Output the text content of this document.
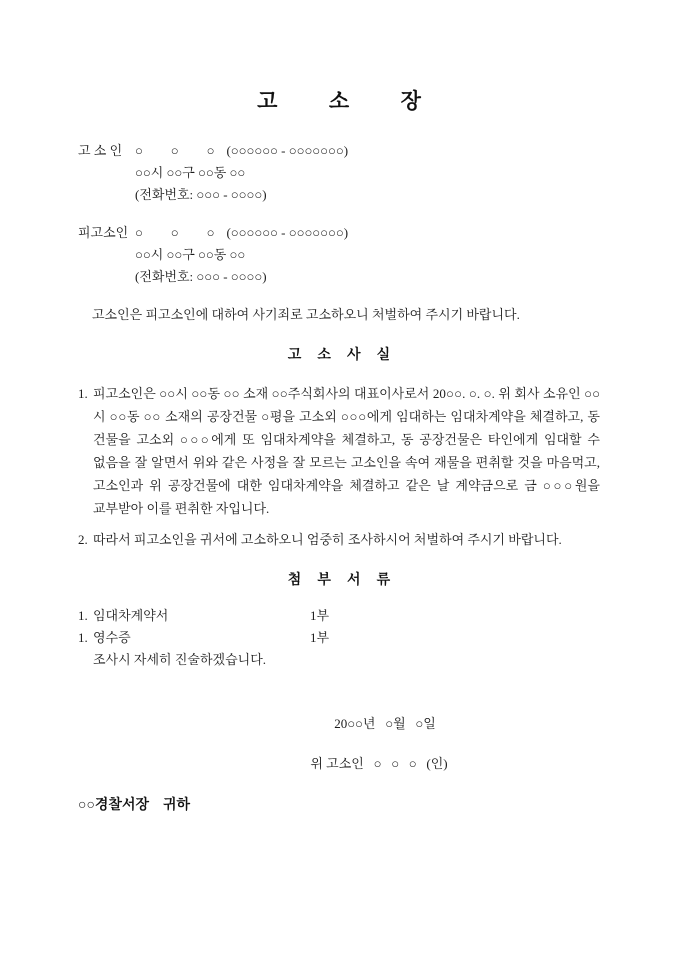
고 소 장
고 소 인 ○ ○ ○ (○○○○○○ - ○○○○○○○)
○○시 ○○구 ○○동 ○○
(전화번호: ○○○ - ○○○○)
피고소인 ○ ○ ○ (○○○○○○ - ○○○○○○○)
○○시 ○○구 ○○동 ○○
(전화번호: ○○○ - ○○○○)
고소인은 피고소인에 대하여 사기죄로 고소하오니 처벌하여 주시기 바랍니다.
고 소 사 실
1. 피고소인은 ○○시 ○○동 ○○ 소재 ○○주식회사의 대표이사로서 20○○. ○. ○. 위 회사 소유인 ○○시 ○○동 ○○ 소재의 공장건물 ○평을 고소외 ○○○에게 임대하는 임대차계약을 체결하고, 동 건물을 고소외 ○○○에게 또 임대차계약을 체결하고, 동 공장건물은 타인에게 임대할 수 없음을 잘 알면서 위와 같은 사정을 잘 모르는 고소인을 속여 재물을 편취할 것을 마음먹고, 고소인과 위 공장건물에 대한 임대차계약을 체결하고 같은 날 계약금으로 금 ○○○원을 교부받아 이를 편취한 자입니다.
2. 따라서 피고소인을 귀서에 고소하오니 엄중히 조사하시어 처벌하여 주시기 바랍니다.
첨 부 서 류
1. 임대차계약서	1부
1. 영수증	1부
조사시 자세히 진술하겠습니다.
20○○년   ○월   ○일
위 고소인   ○   ○   ○   (인)
○○경찰서장    귀하
